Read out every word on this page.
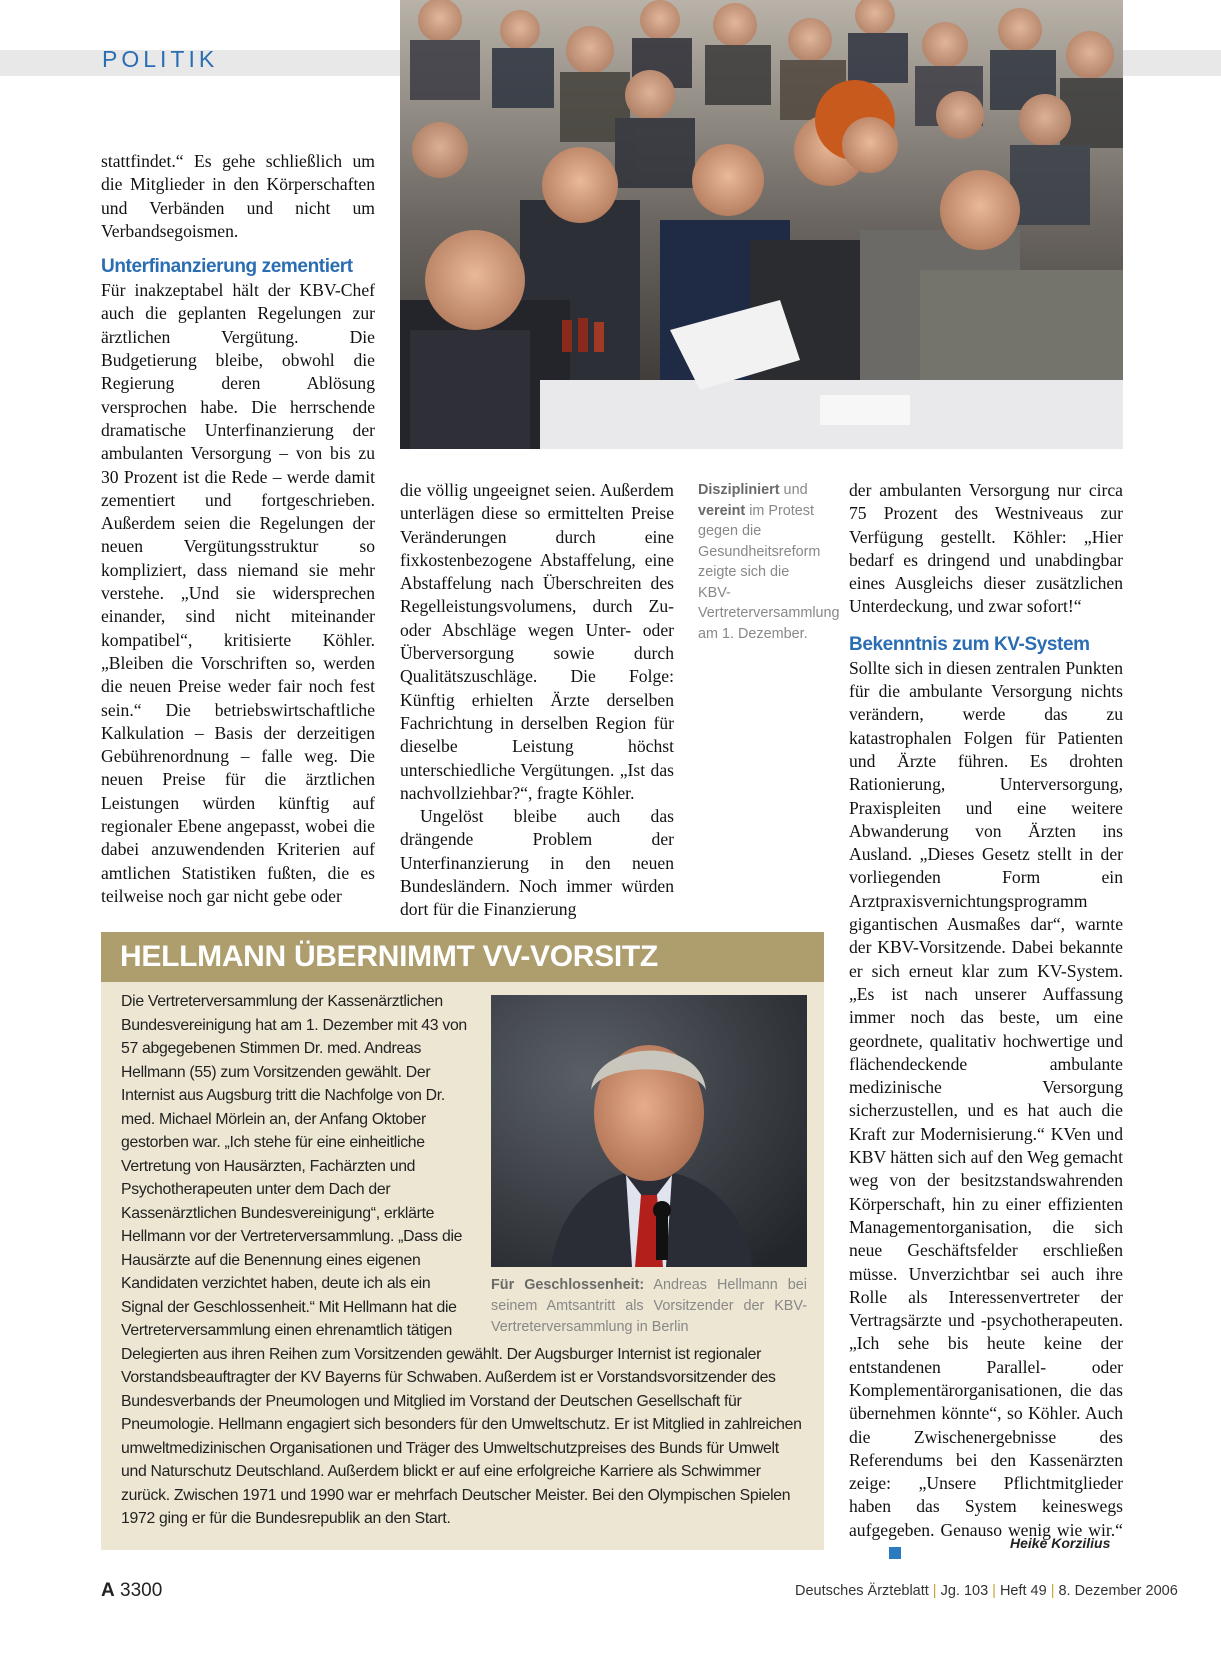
POLITIK

stattfindet.“ Es gehe schließlich um die Mitglieder in den Körperschaften und Verbänden und nicht um Verbandsegoismen.

Unterfinanzierung zementiert

Für inakzeptabel hält der KBV-Chef auch die geplanten Regelungen zur ärztlichen Vergütung. Die Budgetierung bleibe, obwohl die Regierung deren Ablösung versprochen habe. Die herrschende dramatische Unterfinanzierung der ambulanten Versorgung – von bis zu 30 Prozent ist die Rede – werde damit zementiert und fortgeschrieben. Außerdem seien die Regelungen der neuen Vergütungsstruktur so kompliziert, dass niemand sie mehr verstehe. „Und sie widersprechen einander, sind nicht miteinander kompatibel“, kritisierte Köhler. „Bleiben die Vorschriften so, werden die neuen Preise weder fair noch fest sein.“ Die betriebswirtschaftliche Kalkulation – Basis der derzeitigen Gebührenordnung – falle weg. Die neuen Preise für die ärztlichen Leistungen würden künftig auf regionaler Ebene angepasst, wobei die dabei anzuwendenden Kriterien auf amtlichen Statistiken fußten, die es teilweise noch gar nicht gebe oder

die völlig ungeeignet seien. Außerdem unterlägen diese so ermittelten Preise Veränderungen durch eine fixkostenbezogene Abstaffelung, eine Abstaffelung nach Überschreiten des Regelleistungsvolumens, durch Zu- oder Abschläge wegen Unter- oder Überversorgung sowie durch Qualitätszuschläge. Die Folge: Künftig erhielten Ärzte derselben Fachrichtung in derselben Region für dieselbe Leistung höchst unterschiedliche Vergütungen. „Ist das nachvollziehbar?“, fragte Köhler.

Ungelöst bleibe auch das drängende Problem der Unterfinanzierung in den neuen Bundesländern. Noch immer würden dort für die Finanzierung

Diszipliniert und vereint im Protest gegen die Gesundheitsreform zeigte sich die KBV-Vertreterversammlung am 1. Dezember.

der ambulanten Versorgung nur circa 75 Prozent des Westniveaus zur Verfügung gestellt. Köhler: „Hier bedarf es dringend und unabdingbar eines Ausgleichs dieser zusätzlichen Unterdeckung, und zwar sofort!“

Bekenntnis zum KV-System

Sollte sich in diesen zentralen Punkten für die ambulante Versorgung nichts verändern, werde das zu katastrophalen Folgen für Patienten und Ärzte führen. Es drohten Rationierung, Unterversorgung, Praxispleiten und eine weitere Abwanderung von Ärzten ins Ausland. „Dieses Gesetz stellt in der vorliegenden Form ein Arztpraxisvernichtungsprogramm gigantischen Ausmaßes dar“, warnte der KBV-Vorsitzende. Dabei bekannte er sich erneut klar zum KV-System. „Es ist nach unserer Auffassung immer noch das beste, um eine geordnete, qualitativ hochwertige und flächendeckende ambulante medizinische Versorgung sicherzustellen, und es hat auch die Kraft zur Modernisierung.“ KVen und KBV hätten sich auf den Weg gemacht weg von der besitzstandswahrenden Körperschaft, hin zu einer effizienten Managementorganisation, die sich neue Geschäftsfelder erschließen müsse. Unverzichtbar sei auch ihre Rolle als Interessenvertreter der Vertragsärzte und -psychotherapeuten. „Ich sehe bis heute keine der entstandenen Parallel- oder Komplementärorganisationen, die das übernehmen könnte“, so Köhler. Auch die Zwischenergebnisse des Referendums bei den Kassenärzten zeige: „Unsere Pflichtmitglieder haben das System keineswegs aufgegeben. Genauso wenig wie wir.“

Heike Korzilius
HELLMANN ÜBERNIMMT VV-VORSITZ
Die Vertreterversammlung der Kassenärztlichen Bundesvereinigung hat am 1. Dezember mit 43 von 57 abgegebenen Stimmen Dr. med. Andreas Hellmann (55) zum Vorsitzenden gewählt. Der Internist aus Augsburg tritt die Nachfolge von Dr. med. Michael Mörlein an, der Anfang Oktober gestorben war. „Ich stehe für eine einheitliche Vertretung von Hausärzten, Fachärzten und Psychotherapeuten unter dem Dach der Kassenärztlichen Bundesvereinigung“, erklärte Hellmann vor der Vertreterversammlung. „Dass die Hausärzte auf die Benennung eines eigenen Kandidaten verzichtet haben, deute ich als ein Signal der Geschlossenheit.“ Mit Hellmann hat die Vertreterversammlung einen ehrenamtlich tätigen Delegierten aus ihren Reihen zum Vorsitzenden gewählt. Der Augsburger Internist ist regionaler Vorstandsbeauftragter der KV Bayerns für Schwaben. Außerdem ist er Vorstandsvorsitzender des Bundesverbands der Pneumologen und Mitglied im Vorstand der Deutschen Gesellschaft für Pneumologie. Hellmann engagiert sich besonders für den Umweltschutz. Er ist Mitglied in zahlreichen umweltmedizinischen Organisationen und Träger des Umweltschutzpreises des Bunds für Umwelt und Naturschutz Deutschland. Außerdem blickt er auf eine erfolgreiche Karriere als Schwimmer zurück. Zwischen 1971 und 1990 war er mehrfach Deutscher Meister. Bei den Olympischen Spielen 1972 ging er für die Bundesrepublik an den Start.
Für Geschlossenheit: Andreas Hellmann bei seinem Amtsantritt als Vorsitzender der KBV-Vertreterversammlung in Berlin
A 3300	Deutsches Ärzteblatt | Jg. 103 | Heft 49 | 8. Dezember 2006
